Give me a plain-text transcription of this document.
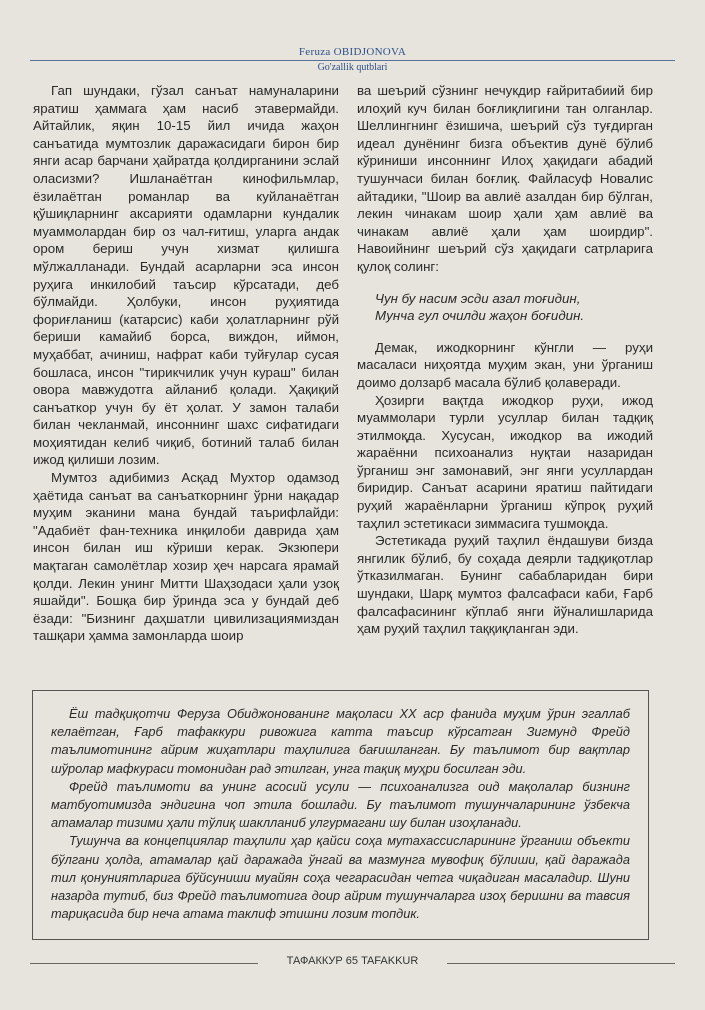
Feruza OBIDJONOVA
Go'zallik qutblari

Гап шундаки, гўзал санъат намуналарини яратиш ҳаммага ҳам насиб этавермайди. Айтайлик, яқин 10-15 йил ичида жаҳон санъатида мумтозлик даражасидаги бирон бир янги асар барчани ҳайратда қолдирганини эслай оласизми? Ишланаётган кинофильмлар, ёзилаётган романлар ва куйланаётган қўшиқларнинг аксарияти одамларни кундалик муаммолардан бир оз чал-ғитиш, уларга андак ором бериш учун хизмат қилишга мўлжалланади. Бундай асарларни эса инсон руҳига инкилобий таъсир кўрсатади, деб бўлмайди. Ҳолбуки, инсон руҳиятида фориғланиш (катарсис) каби ҳолатларнинг рўй бериши камайиб борса, виждон, иймон, муҳаббат, ачиниш, нафрат каби туйғулар сусая бошласа, инсон "тирикчилик учун кураш" билан овора мавжудотга айланиб қолади. Ҳақиқий санъаткор учун бу ёт ҳолат. У замон талаби билан чекланмай, инсоннинг шахс сифатидаги моҳиятидан келиб чиқиб, ботиний талаб билан ижод қилиши лозим.

Мумтоз адибимиз Асқад Мухтор одамзод ҳаётида санъат ва санъаткорнинг ўрни нақадар муҳим эканини мана бундай таърифлайди: "Адабиёт фан-техника инқилоби даврида ҳам инсон билан иш кўриши керак. Экзюпери мақтаган самолётлар хозир ҳеч нарсага ярамай қолди. Лекин унинг Митти Шаҳзодаси ҳали узоқ яшайди". Бошқа бир ўринда эса у бундай деб ёзади: "Бизнинг даҳшатли цивилизациямиздан ташқари ҳамма замонларда шоир

ва шеърий сўзнинг нечукдир ғайритабиий бир илоҳий куч билан боғлиқлигини тан олганлар. Шеллингнинг ёзишича, шеърий сўз туғдирган идеал дунёнинг бизга объектив дунё бўлиб кўриниши инсоннинг Илоҳ ҳақидаги абадий тушунчаси билан боғлиқ. Файласуф Новалис айтадики, "Шоир ва авлиё азалдан бир бўлган, лекин чинакам шоир ҳали ҳам авлиё ва чинакам авлиё ҳали ҳам шоирдир". Навоийнинг шеърий сўз ҳақидаги сатрларига қулоқ солинг:

Чун бу насим эсди азал тоғидин,
Мунча гул очилди жаҳон боғидин.

Демак, ижодкорнинг кўнгли — руҳи масаласи ниҳоятда муҳим экан, уни ўрганиш доимо долзарб масала бўлиб қолаверади.

Ҳозирги вақтда ижодкор руҳи, ижод муаммолари турли усуллар билан тадқиқ этилмоқда. Хусусан, ижодкор ва ижодий жараённи психоанализ нуқтаи назаридан ўрганиш энг замонавий, энг янги усуллардан биридир. Санъат асарини яратиш пайтидаги руҳий жараёнларни ўрганиш кўпроқ руҳий таҳлил эстетикаси зиммасига тушмоқда.

Эстетикада руҳий таҳлил ёндашуви бизда янгилик бўлиб, бу соҳада деярли тадқиқотлар ўтказилмаган. Бунинг сабабларидан бири шундаки, Шарқ мумтоз фалсафаси каби, Ғарб фалсафасининг кўплаб янги йўналишларида ҳам руҳий таҳлил таққиқланган эди.

Ёш тадқиқотчи Феруза Обиджонованинг мақоласи XX аср фанида муҳим ўрин эгаллаб келаётган, Ғарб тафаккури ривожига катта таъсир кўрсатган Зигмунд Фрейд таълимотининг айрим жиҳатлари таҳлилига бағишланган. Бу таълимот бир вақтлар шўролар мафкураси томонидан рад этилган, унга тақиқ муҳри босилган эди.

Фрейд таълимоти ва унинг асосий усули — психоанализга оид мақолалар бизнинг матбуотимизда эндигина чоп этила бошлади. Бу таълимот тушунчаларининг ўзбекча атамалар тизими ҳали тўлиқ шаклланиб улгурмагани шу билан изоҳланади.

Тушунча ва концепциялар таҳлили ҳар қайси соҳа мутахассисларининг ўрганиш объекти бўлгани ҳолда, атамалар қай даражада ўнгай ва мазмунга мувофиқ бўлиши, қай даражада тил қонуниятларига бўйсуниши муайян соҳа чегарасидан четга чиқадиган масаладир. Шуни назарда тутиб, биз Фрейд таълимотига доир айрим тушунчаларга изоҳ беришни ва тавсия тариқасида бир неча атама таклиф этишни лозим топдик.

ТАФАККУР 65 TAFAKKUR
